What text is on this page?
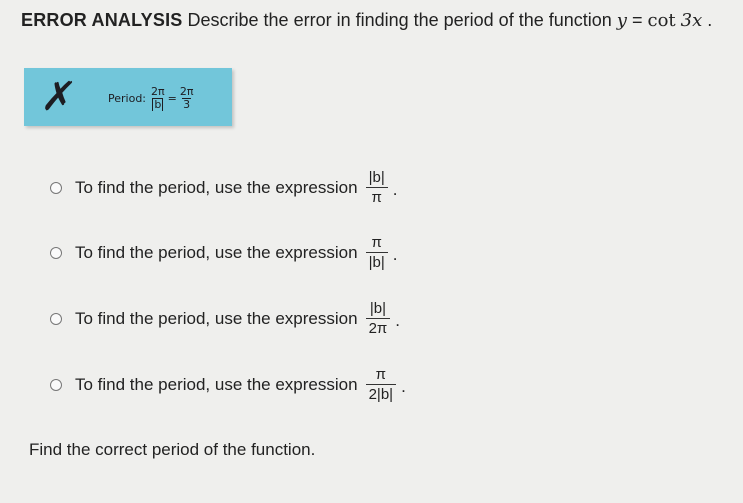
ERROR ANALYSIS Describe the error in finding the period of the function y = cot 3x .
✗	Period: $\frac{2\pi}{b} = \frac{2\pi}{3}$
To find the period, use the expression $\frac{|b|}{\pi}$ .
To find the period, use the expression $\frac{\pi}{|b|}$ .
To find the period, use the expression $\frac{|b|}{2\pi}$ .
To find the period, use the expression $\frac{\pi}{2|b|}$ .
Find the correct period of the function.
